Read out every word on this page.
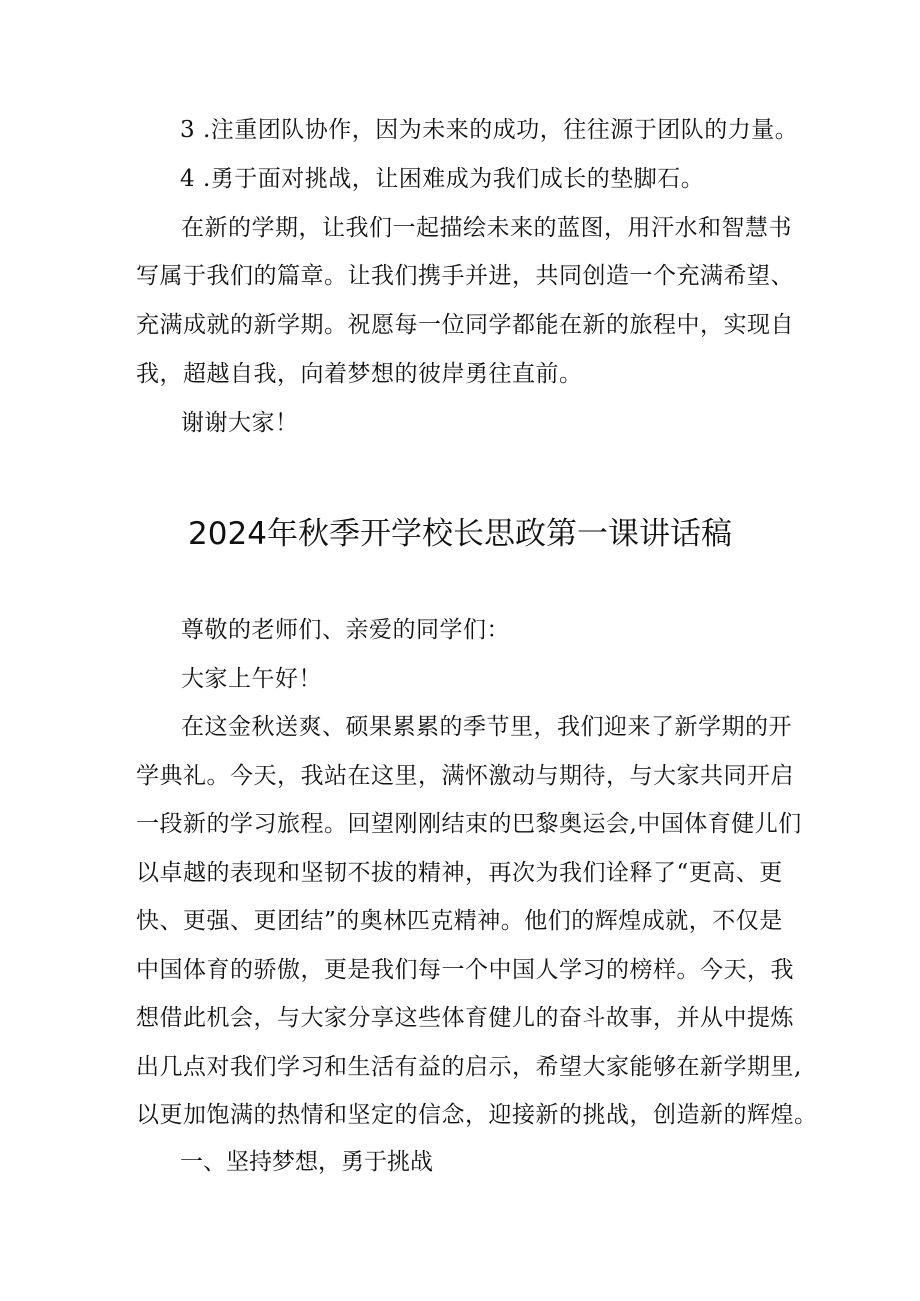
3 .注重团队协作，因为未来的成功，往往源于团队的力量。
4 .勇于面对挑战，让困难成为我们成长的垫脚石。
在新的学期，让我们一起描绘未来的蓝图，用汗水和智慧书
写属于我们的篇章。让我们携手并进，共同创造一个充满希望、
充满成就的新学期。祝愿每一位同学都能在新的旅程中，实现自
我，超越自我，向着梦想的彼岸勇往直前。
谢谢大家！
2024年秋季开学校长思政第一课讲话稿
尊敬的老师们、亲爱的同学们：
大家上午好！
在这金秋送爽、硕果累累的季节里，我们迎来了新学期的开
学典礼。今天，我站在这里，满怀激动与期待，与大家共同开启
一段新的学习旅程。回望刚刚结束的巴黎奥运会,中国体育健儿们
以卓越的表现和坚韧不拔的精神，再次为我们诠释了“更高、更
快、更强、更团结”的奥林匹克精神。他们的辉煌成就，不仅是
中国体育的骄傲，更是我们每一个中国人学习的榜样。今天，我
想借此机会，与大家分享这些体育健儿的奋斗故事，并从中提炼
出几点对我们学习和生活有益的启示，希望大家能够在新学期里,
以更加饱满的热情和坚定的信念，迎接新的挑战，创造新的辉煌。
一、坚持梦想，勇于挑战
